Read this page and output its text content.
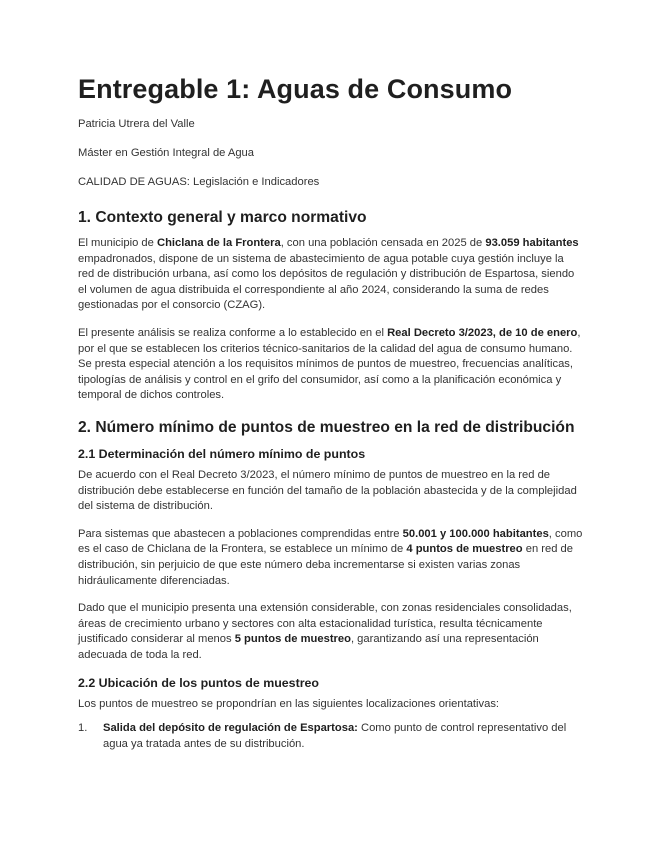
Entregable 1: Aguas de Consumo

Patricia Utrera del Valle

Máster en Gestión Integral de Agua

CALIDAD DE AGUAS: Legislación e Indicadores

1. Contexto general y marco normativo

El municipio de Chiclana de la Frontera, con una población censada en 2025 de 93.059 habitantes empadronados, dispone de un sistema de abastecimiento de agua potable cuya gestión incluye la red de distribución urbana, así como los depósitos de regulación y distribución de Espartosa, siendo el volumen de agua distribuida el correspondiente al año 2024, considerando la suma de redes gestionadas por el consorcio (CZAG).

El presente análisis se realiza conforme a lo establecido en el Real Decreto 3/2023, de 10 de enero, por el que se establecen los criterios técnico-sanitarios de la calidad del agua de consumo humano. Se presta especial atención a los requisitos mínimos de puntos de muestreo, frecuencias analíticas, tipologías de análisis y control en el grifo del consumidor, así como a la planificación económica y temporal de dichos controles.

2. Número mínimo de puntos de muestreo en la red de distribución
2.1 Determinación del número mínimo de puntos

De acuerdo con el Real Decreto 3/2023, el número mínimo de puntos de muestreo en la red de distribución debe establecerse en función del tamaño de la población abastecida y de la complejidad del sistema de distribución.

Para sistemas que abastecen a poblaciones comprendidas entre 50.001 y 100.000 habitantes, como es el caso de Chiclana de la Frontera, se establece un mínimo de 4 puntos de muestreo en red de distribución, sin perjuicio de que este número deba incrementarse si existen varias zonas hidráulicamente diferenciadas.

Dado que el municipio presenta una extensión considerable, con zonas residenciales consolidadas, áreas de crecimiento urbano y sectores con alta estacionalidad turística, resulta técnicamente justificado considerar al menos 5 puntos de muestreo, garantizando así una representación adecuada de toda la red.

2.2 Ubicación de los puntos de muestreo

Los puntos de muestreo se propondrían en las siguientes localizaciones orientativas:

1.	Salida del depósito de regulación de Espartosa: Como punto de control representativo del agua ya tratada antes de su distribución.
